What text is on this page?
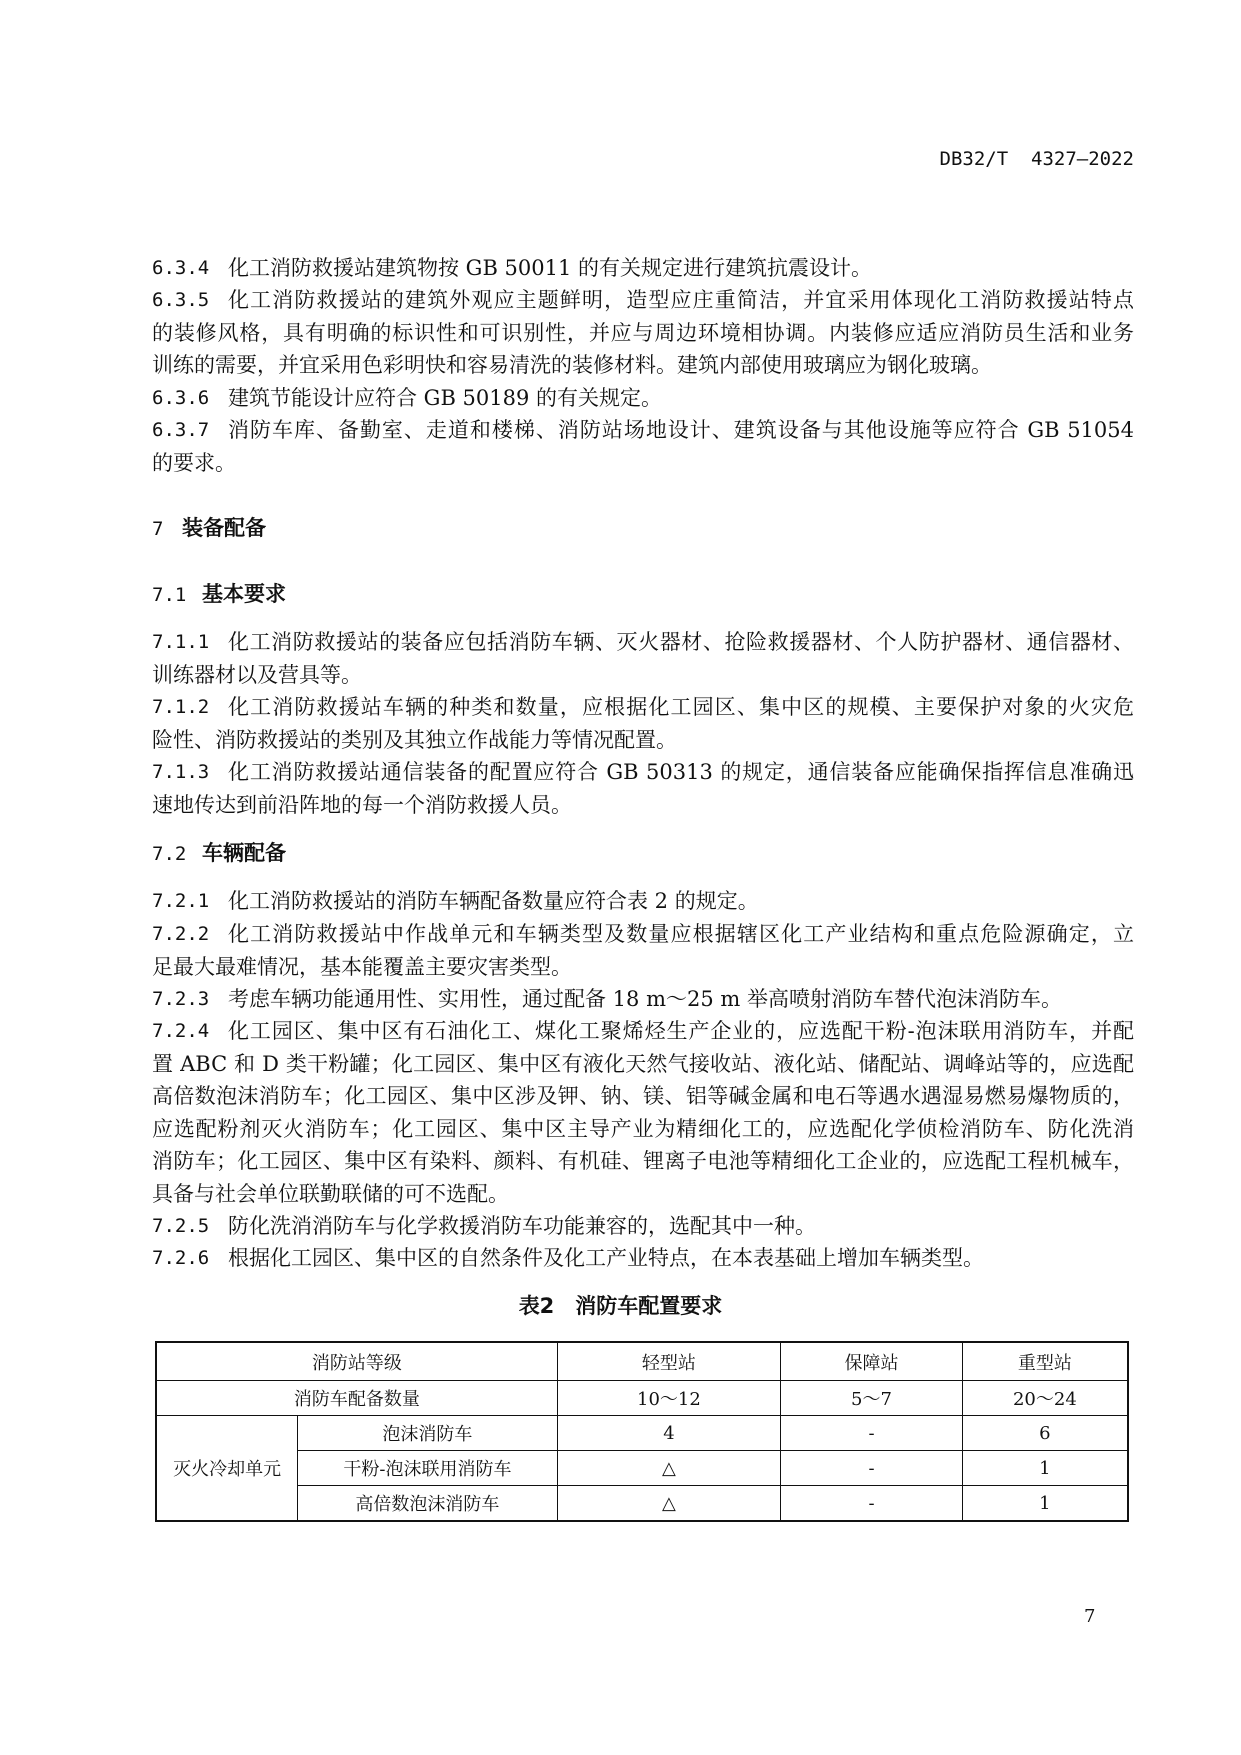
DB32/T  4327—2022
6.3.4 化工消防救援站建筑物按 GB 50011 的有关规定进行建筑抗震设计。
6.3.5 化工消防救援站的建筑外观应主题鲜明，造型应庄重简洁，并宜采用体现化工消防救援站特点
的装修风格，具有明确的标识性和可识别性，并应与周边环境相协调。内装修应适应消防员生活和业务
训练的需要，并宜采用色彩明快和容易清洗的装修材料。建筑内部使用玻璃应为钢化玻璃。
6.3.6 建筑节能设计应符合 GB 50189 的有关规定。
6.3.7 消防车库、备勤室、走道和楼梯、消防站场地设计、建筑设备与其他设施等应符合 GB 51054
的要求。
7.1.1 化工消防救援站的装备应包括消防车辆、灭火器材、抢险救援器材、个人防护器材、通信器材、
训练器材以及营具等。
7.1.2 化工消防救援站车辆的种类和数量，应根据化工园区、集中区的规模、主要保护对象的火灾危
险性、消防救援站的类别及其独立作战能力等情况配置。
7.1.3 化工消防救援站通信装备的配置应符合 GB 50313 的规定，通信装备应能确保指挥信息准确迅
速地传达到前沿阵地的每一个消防救援人员。
7.2.1 化工消防救援站的消防车辆配备数量应符合表 2 的规定。
7.2.2 化工消防救援站中作战单元和车辆类型及数量应根据辖区化工产业结构和重点危险源确定，立
足最大最难情况，基本能覆盖主要灾害类型。
7.2.3 考虑车辆功能通用性、实用性，通过配备 18 m～25 m 举高喷射消防车替代泡沫消防车。
7.2.4 化工园区、集中区有石油化工、煤化工聚烯烃生产企业的，应选配干粉-泡沫联用消防车，并配
置 ABC 和 D 类干粉罐；化工园区、集中区有液化天然气接收站、液化站、储配站、调峰站等的，应选配
高倍数泡沫消防车；化工园区、集中区涉及钾、钠、镁、铝等碱金属和电石等遇水遇湿易燃易爆物质的，
应选配粉剂灭火消防车；化工园区、集中区主导产业为精细化工的，应选配化学侦检消防车、防化洗消
消防车；化工园区、集中区有染料、颜料、有机硅、锂离子电池等精细化工企业的，应选配工程机械车，
具备与社会单位联勤联储的可不选配。
7.2.5 防化洗消消防车与化学救援消防车功能兼容的，选配其中一种。
7.2.6 根据化工园区、集中区的自然条件及化工产业特点，在本表基础上增加车辆类型。
7 装备配备
7.1 基本要求
7.2 车辆配备
表2　消防车配置要求
消防站等级		轻型站	保障站	重型站
消防车配备数量		10～12	5～7	20～24
灭火冷却单元	泡沫消防车	4	-	6
	干粉-泡沫联用消防车	△	-	1
	高倍数泡沫消防车	△	-	1
7
